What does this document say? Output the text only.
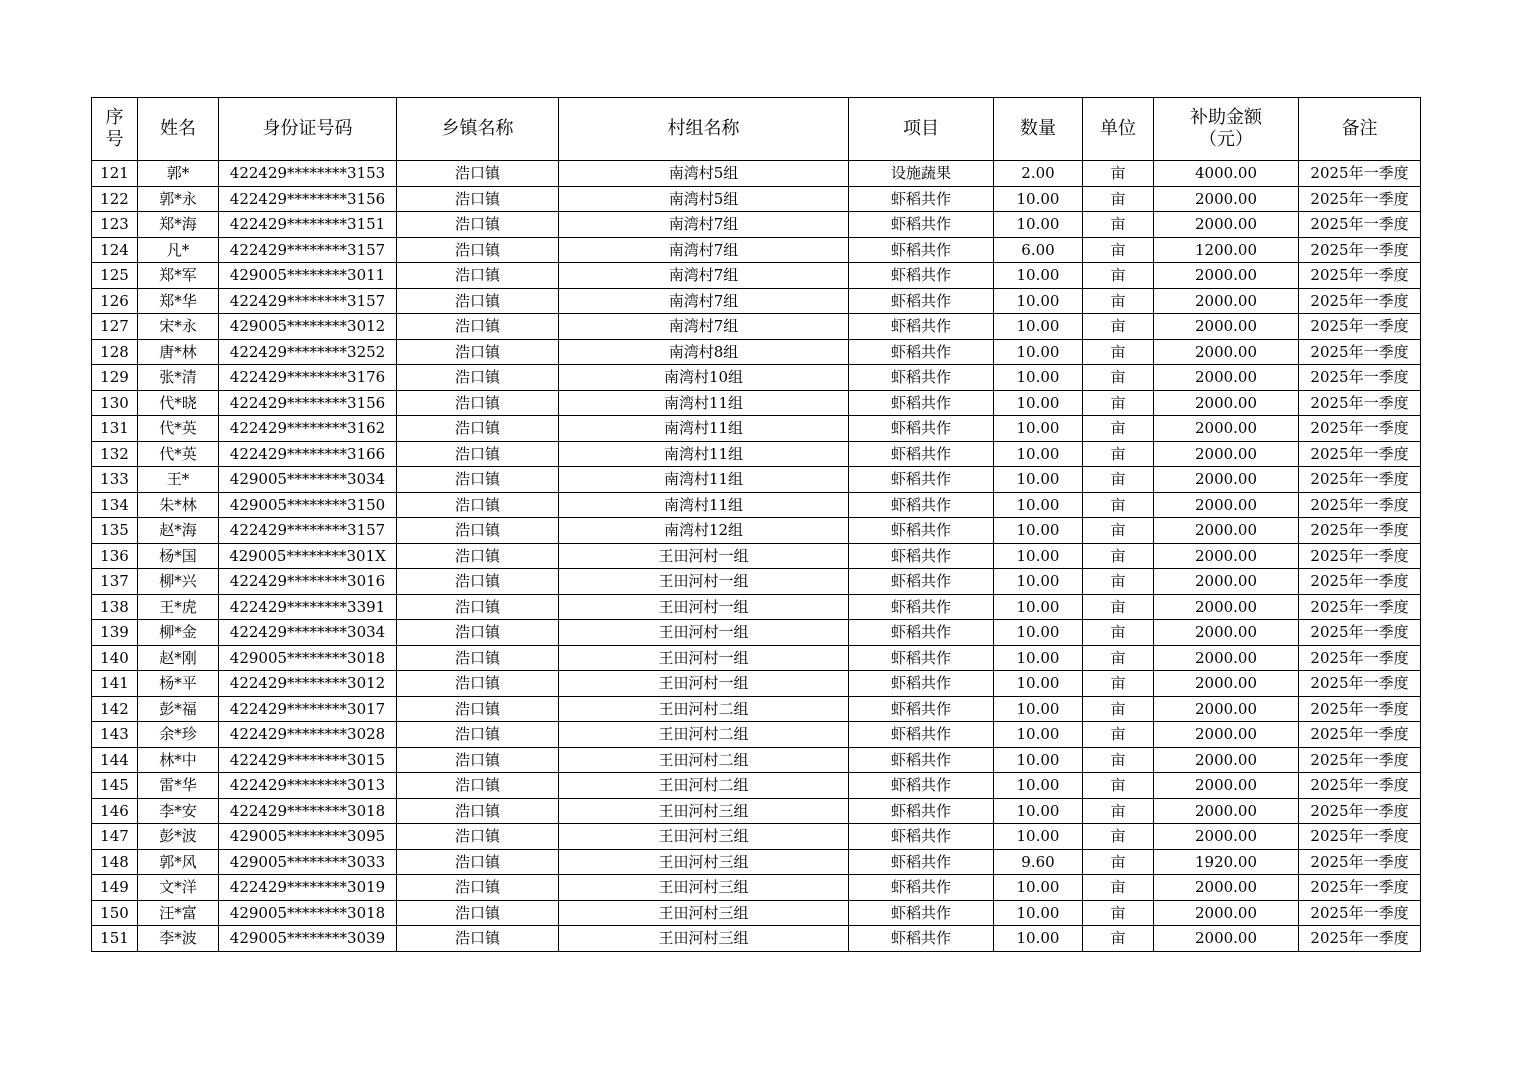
序号	姓名	身份证号码	乡镇名称	村组名称	项目	数量	单位	补助金额（元）	备注
121	郭*	422429********3153	浩口镇	南湾村5组	设施蔬果	2.00	亩	4000.00	2025年一季度
122	郭*永	422429********3156	浩口镇	南湾村5组	虾稻共作	10.00	亩	2000.00	2025年一季度
123	郑*海	422429********3151	浩口镇	南湾村7组	虾稻共作	10.00	亩	2000.00	2025年一季度
124	凡*	422429********3157	浩口镇	南湾村7组	虾稻共作	6.00	亩	1200.00	2025年一季度
125	郑*军	429005********3011	浩口镇	南湾村7组	虾稻共作	10.00	亩	2000.00	2025年一季度
126	郑*华	422429********3157	浩口镇	南湾村7组	虾稻共作	10.00	亩	2000.00	2025年一季度
127	宋*永	429005********3012	浩口镇	南湾村7组	虾稻共作	10.00	亩	2000.00	2025年一季度
128	唐*林	422429********3252	浩口镇	南湾村8组	虾稻共作	10.00	亩	2000.00	2025年一季度
129	张*清	422429********3176	浩口镇	南湾村10组	虾稻共作	10.00	亩	2000.00	2025年一季度
130	代*晓	422429********3156	浩口镇	南湾村11组	虾稻共作	10.00	亩	2000.00	2025年一季度
131	代*英	422429********3162	浩口镇	南湾村11组	虾稻共作	10.00	亩	2000.00	2025年一季度
132	代*英	422429********3166	浩口镇	南湾村11组	虾稻共作	10.00	亩	2000.00	2025年一季度
133	王*	429005********3034	浩口镇	南湾村11组	虾稻共作	10.00	亩	2000.00	2025年一季度
134	朱*林	429005********3150	浩口镇	南湾村11组	虾稻共作	10.00	亩	2000.00	2025年一季度
135	赵*海	422429********3157	浩口镇	南湾村12组	虾稻共作	10.00	亩	2000.00	2025年一季度
136	杨*国	429005********301X	浩口镇	王田河村一组	虾稻共作	10.00	亩	2000.00	2025年一季度
137	柳*兴	422429********3016	浩口镇	王田河村一组	虾稻共作	10.00	亩	2000.00	2025年一季度
138	王*虎	422429********3391	浩口镇	王田河村一组	虾稻共作	10.00	亩	2000.00	2025年一季度
139	柳*金	422429********3034	浩口镇	王田河村一组	虾稻共作	10.00	亩	2000.00	2025年一季度
140	赵*刚	429005********3018	浩口镇	王田河村一组	虾稻共作	10.00	亩	2000.00	2025年一季度
141	杨*平	422429********3012	浩口镇	王田河村一组	虾稻共作	10.00	亩	2000.00	2025年一季度
142	彭*福	422429********3017	浩口镇	王田河村二组	虾稻共作	10.00	亩	2000.00	2025年一季度
143	余*珍	422429********3028	浩口镇	王田河村二组	虾稻共作	10.00	亩	2000.00	2025年一季度
144	林*中	422429********3015	浩口镇	王田河村二组	虾稻共作	10.00	亩	2000.00	2025年一季度
145	雷*华	422429********3013	浩口镇	王田河村二组	虾稻共作	10.00	亩	2000.00	2025年一季度
146	李*安	422429********3018	浩口镇	王田河村三组	虾稻共作	10.00	亩	2000.00	2025年一季度
147	彭*波	429005********3095	浩口镇	王田河村三组	虾稻共作	10.00	亩	2000.00	2025年一季度
148	郭*风	429005********3033	浩口镇	王田河村三组	虾稻共作	9.60	亩	1920.00	2025年一季度
149	文*洋	422429********3019	浩口镇	王田河村三组	虾稻共作	10.00	亩	2000.00	2025年一季度
150	汪*富	429005********3018	浩口镇	王田河村三组	虾稻共作	10.00	亩	2000.00	2025年一季度
151	李*波	429005********3039	浩口镇	王田河村三组	虾稻共作	10.00	亩	2000.00	2025年一季度
